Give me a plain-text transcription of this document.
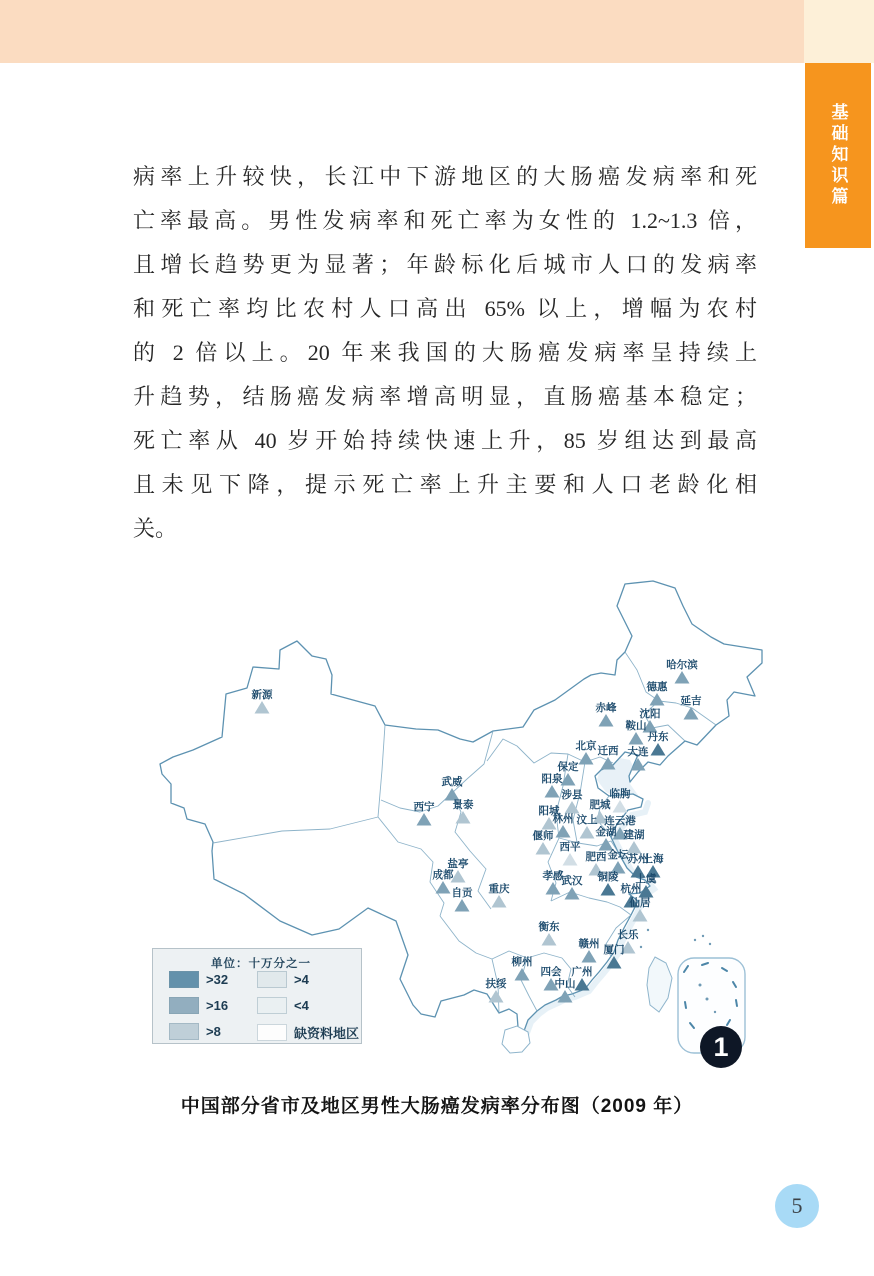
基础知识篇
病率上升较快，长江中下游地区的大肠癌发病率和死
亡率最高。男性发病率和死亡率为女性的 1.2~1.3 倍，
且增长趋势更为显著；年龄标化后城市人口的发病率
和死亡率均比农村人口高出 65% 以上，增幅为农村
的 2 倍以上。20 年来我国的大肠癌发病率呈持续上
升趋势，结肠癌发病率增高明显，直肠癌基本稳定；
死亡率从 40 岁开始持续快速上升，85 岁组达到最高
且未见下降，提示死亡率上升主要和人口老龄化相
关。
新源
武威
西宁 景泰
盐亭
成都
自贡 重庆
哈尔滨
德惠
延吉
赤峰 沈阳
鞍山
丹东
大连
北京 迁西
保定
阳泉
涉县	临朐
肥城
阳城
林州 汶上 连云港
偃师	金湖 建湖
西平
肥西 金坛 苏州
上海
孝感
武汉 铜陵 上虞
杭州
仙居
衡东
赣州
长乐
厦门
柳州
四会 广州
中山
扶绥
单位：十万分之一
>32
>16
>8
>4
<4
缺资料地区	1
中国部分省市及地区男性大肠癌发病率分布图（2009 年）
5
